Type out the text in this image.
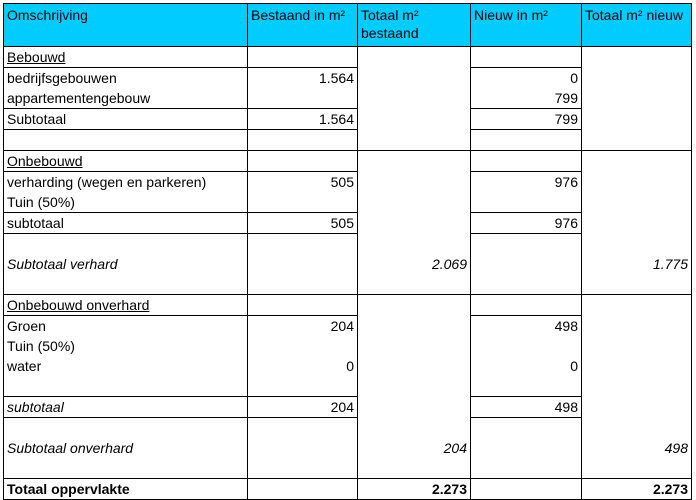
Omschrijving	Bestaand in m²	Totaal m² bestaand	Nieuw in m²	Totaal m² nieuw
Bebouwd				
bedrijfsgebouwen	1.564		0	
appartementengebouw			799	
Subtotaal	1.564		799	

Onbebouwd				
verharding (wegen en parkeren)	505		976	
Tuin (50%)				
subtotaal	505		976	

Subtotaal verhard		2.069		1.775

Onbebouwd onverhard				
Groen	204		498	
Tuin (50%)				
water	0		0	

subtotaal	204		498	

Subtotaal onverhard		204		498

Totaal oppervlakte		2.273		2.273
